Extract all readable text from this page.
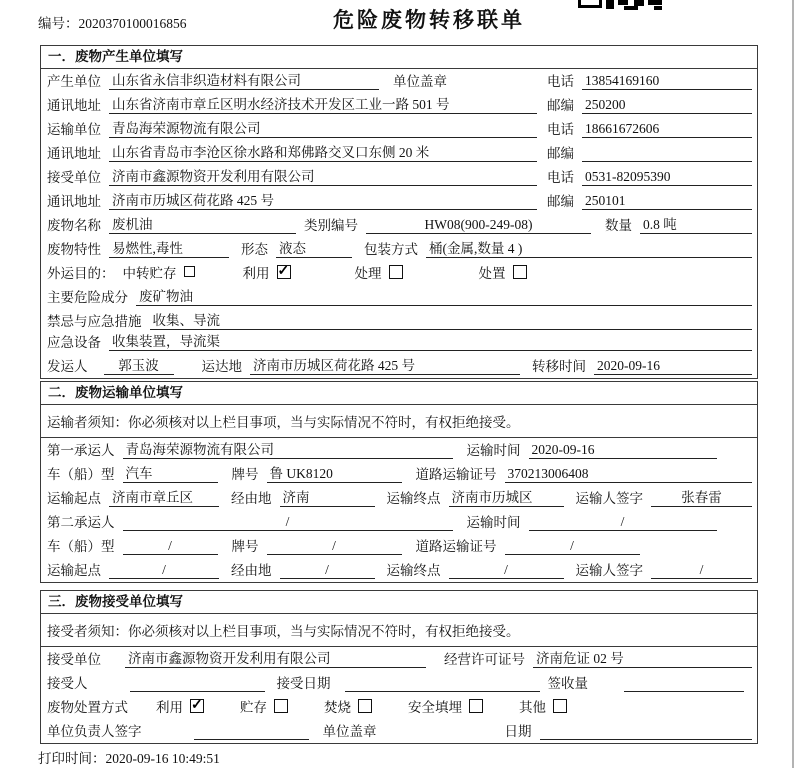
编号：2020370100016856	危险废物转移联单
一．废物产生单位填写
产生单位 山东省永信非织造材料有限公司	单位盖章	电话 13854169160
通讯地址 山东省济南市章丘区明水经济技术开发区工业一路 501 号	邮编 250200
运输单位 青岛海荣源物流有限公司	电话 18661672606
通讯地址 山东省青岛市李沧区徐水路和郑佛路交叉口东侧 20 米	邮编
接受单位 济南市鑫源物资开发利用有限公司	电话 0531-82095390
通讯地址 济南市历城区荷花路 425 号	邮编 250101
废物名称 废机油	类别编号	HW08(900-249-08)	数量 0.8 吨
废物特性 易燃性,毒性	形态 液态	包装方式 桶(金属,数量 4 )
外运目的： 中转贮存	利用 ✓	处理	处置
主要危险成分 废矿物油
禁忌与应急措施 收集、导流
应急设备 收集装置，导流渠
发运人	郭玉波	运达地 济南市历城区荷花路 425 号	转移时间 2020-09-16
二．废物运输单位填写
运输者须知：你必须核对以上栏目事项，当与实际情况不符时，有权拒绝接受。
第一承运人 青岛海荣源物流有限公司	运输时间 2020-09-16
车（船）型 汽车	牌号 鲁 UK8120	道路运输证号 370213006408
运输起点 济南市章丘区	经由地 济南	运输终点 济南市历城区	运输人签字	张春雷
第二承运人	/	运输时间	/
车（船）型	/	牌号	/	道路运输证号	/
运输起点	/	经由地	/	运输终点	/	运输人签字	/
三．废物接受单位填写
接受者须知：你必须核对以上栏目事项，当与实际情况不符时，有权拒绝接受。
接受单位 济南市鑫源物资开发利用有限公司	经营许可证号 济南危证 02 号
接受人	接受日期	签收量
废物处置方式 利用 ✓	贮存	焚烧	安全填埋	其他
单位负责人签字	单位盖章	日期
打印时间：2020-09-16 10:49:51
